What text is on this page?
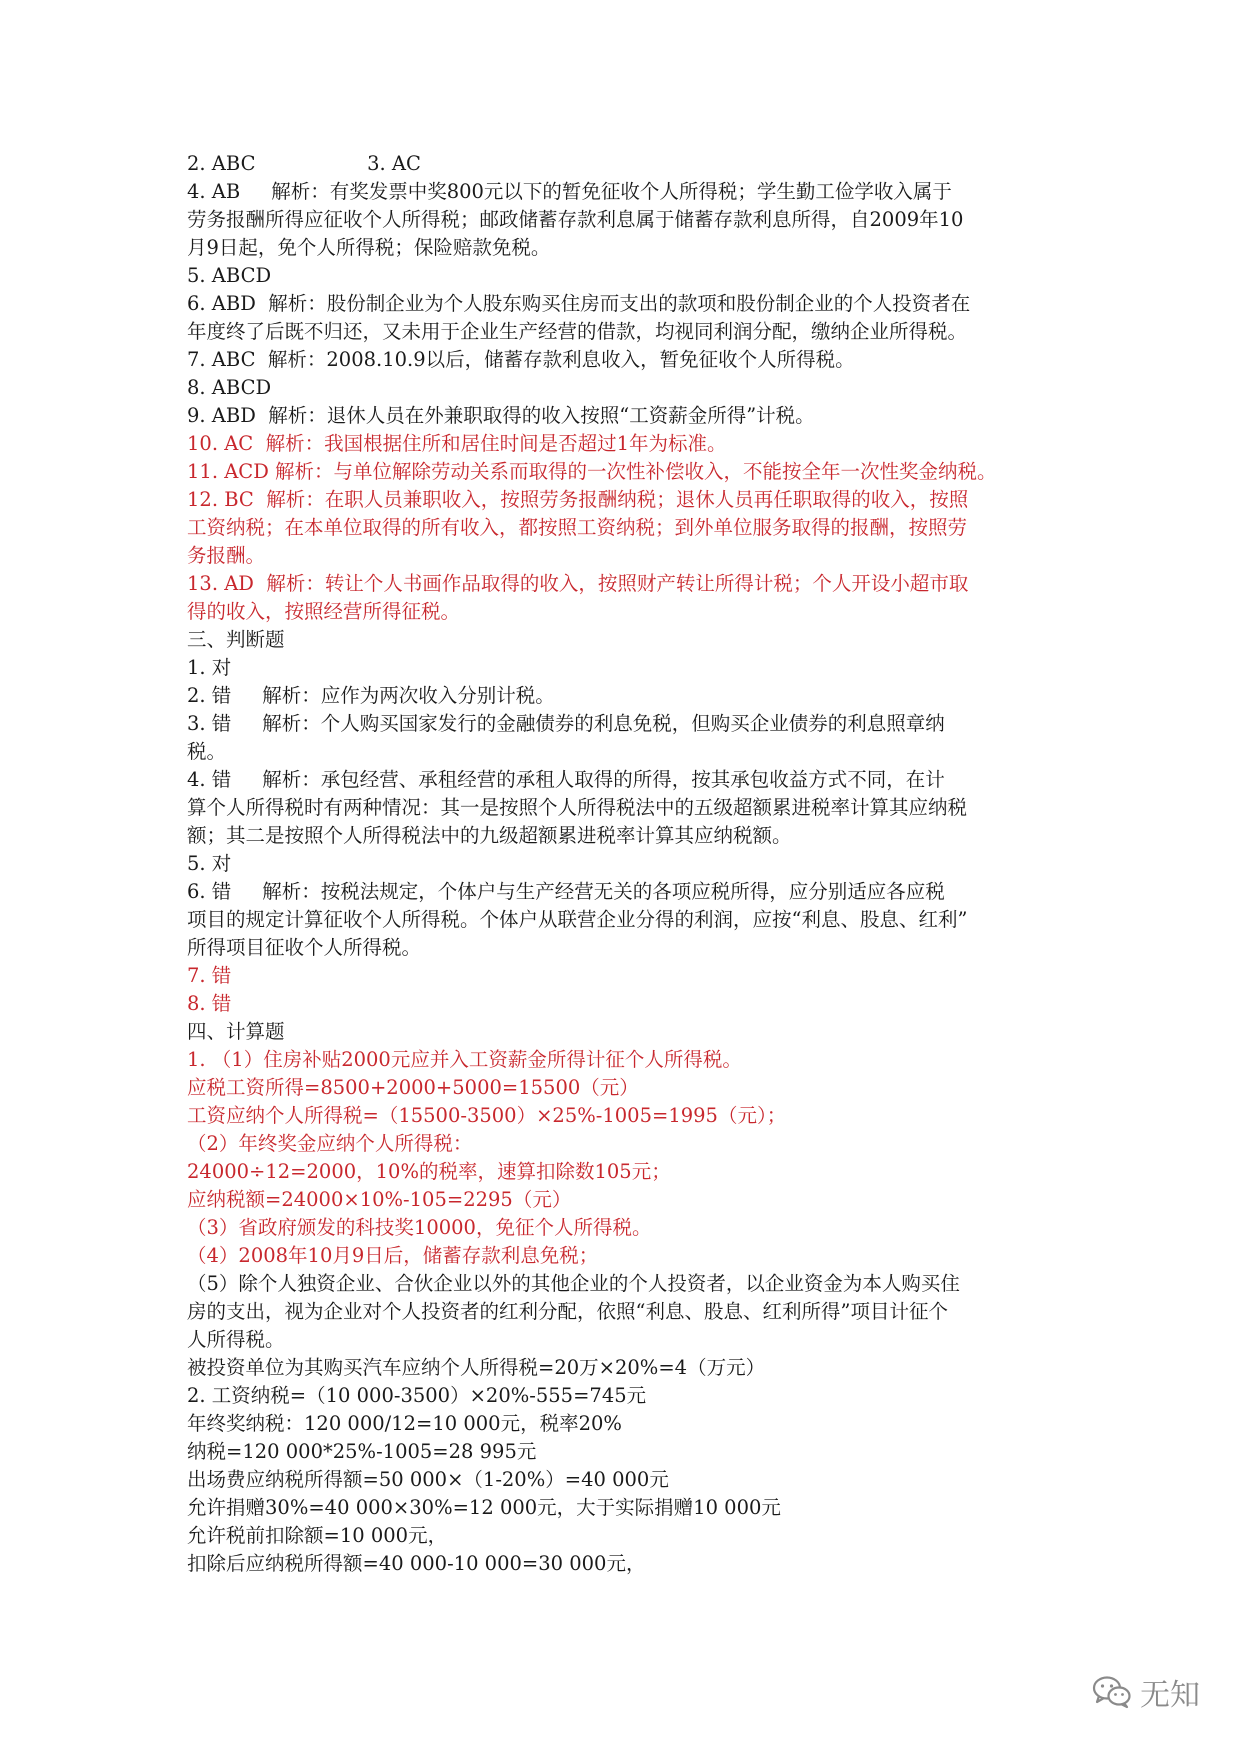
2. ABC                  3. AC
4. AB     解析：有奖发票中奖800元以下的暂免征收个人所得税；学生勤工俭学收入属于
劳务报酬所得应征收个人所得税；邮政储蓄存款利息属于储蓄存款利息所得，自2009年10
月9日起，免个人所得税；保险赔款免税。
5. ABCD
6. ABD  解析：股份制企业为个人股东购买住房而支出的款项和股份制企业的个人投资者在
年度终了后既不归还，又未用于企业生产经营的借款，均视同利润分配，缴纳企业所得税。
7. ABC  解析：2008.10.9以后，储蓄存款利息收入，暂免征收个人所得税。
8. ABCD
9. ABD  解析：退休人员在外兼职取得的收入按照“工资薪金所得”计税。
10. AC  解析：我国根据住所和居住时间是否超过1年为标准。
11. ACD 解析：与单位解除劳动关系而取得的一次性补偿收入，不能按全年一次性奖金纳税。
12. BC  解析：在职人员兼职收入，按照劳务报酬纳税；退休人员再任职取得的收入，按照
工资纳税；在本单位取得的所有收入，都按照工资纳税；到外单位服务取得的报酬，按照劳
务报酬。
13. AD  解析：转让个人书画作品取得的收入，按照财产转让所得计税；个人开设小超市取
得的收入，按照经营所得征税。
三、判断题
1. 对
2. 错     解析：应作为两次收入分别计税。
3. 错     解析：个人购买国家发行的金融债券的利息免税，但购买企业债券的利息照章纳
税。
4. 错     解析：承包经营、承租经营的承租人取得的所得，按其承包收益方式不同，在计
算个人所得税时有两种情况：其一是按照个人所得税法中的五级超额累进税率计算其应纳税
额；其二是按照个人所得税法中的九级超额累进税率计算其应纳税额。
5. 对
6. 错     解析：按税法规定，个体户与生产经营无关的各项应税所得，应分别适应各应税
项目的规定计算征收个人所得税。个体户从联营企业分得的利润，应按“利息、股息、红利”
所得项目征收个人所得税。
7. 错
8. 错
四、计算题
1. （1）住房补贴2000元应并入工资薪金所得计征个人所得税。
应税工资所得=8500+2000+5000=15500（元）
工资应纳个人所得税=（15500-3500）×25%-1005=1995（元）；
（2）年终奖金应纳个人所得税：
24000÷12=2000，10%的税率，速算扣除数105元；
应纳税额=24000×10%-105=2295（元）
（3）省政府颁发的科技奖10000，免征个人所得税。
（4）2008年10月9日后，储蓄存款利息免税；
（5）除个人独资企业、合伙企业以外的其他企业的个人投资者，以企业资金为本人购买住
房的支出，视为企业对个人投资者的红利分配，依照“利息、股息、红利所得”项目计征个
人所得税。
被投资单位为其购买汽车应纳个人所得税=20万×20%=4（万元）
2. 工资纳税=（10 000-3500）×20%-555=745元
年终奖纳税：120 000/12=10 000元，税率20%
纳税=120 000*25%-1005=28 995元
出场费应纳税所得额=50 000×（1-20%）=40 000元
允许捐赠30%=40 000×30%=12 000元，大于实际捐赠10 000元
允许税前扣除额=10 000元，
扣除后应纳税所得额=40 000-10 000=30 000元，
无知
